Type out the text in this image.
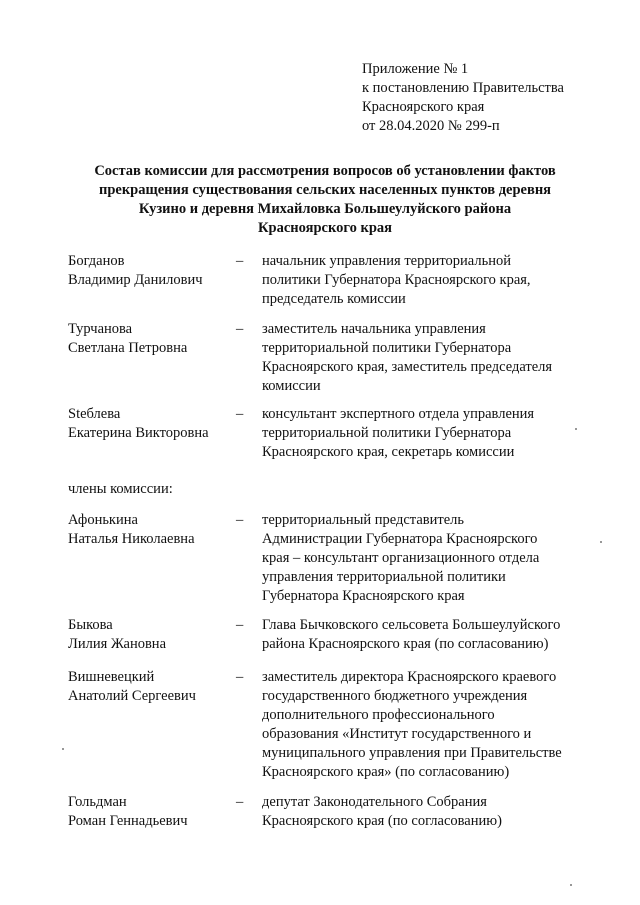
Приложение № 1
к постановлению Правительства
Красноярского края
от 28.04.2020 № 299-п
Состав комиссии для рассмотрения вопросов об установлении фактов
прекращения существования сельских населенных пунктов деревня
Кузино и деревня Михайловка Большеулуйского района
Красноярского края
Богданов
Владимир Данилович
– начальник управления территориальной
политики Губернатора Красноярского края,
председатель комиссии
Турчанова
Светлана Петровна
– заместитель начальника управления
территориальной политики Губернатора
Красноярского края, заместитель председателя
комиссии
Steблева
Екатерина Викторовна
– консультант экспертного отдела управления
территориальной политики Губернатора
Красноярского края, секретарь комиссии
члены комиссии:
Афонькина
Наталья Николаевна
– территориальный представитель
Администрации Губернатора Красноярского
края – консультант организационного отдела
управления территориальной политики
Губернатора Красноярского края
Быкова
Лилия Жановна
– Глава Бычковского сельсовета Большеулуйского
района Красноярского края (по согласованию)
Вишневецкий
Анатолий Сергеевич
– заместитель директора Красноярского краевого
государственного бюджетного учреждения
дополнительного профессионального
образования «Институт государственного и
муниципального управления при Правительстве
Красноярского края» (по согласованию)
Гольдман
Роман Геннадьевич
– депутат Законодательного Собрания
Красноярского края (по согласованию)
